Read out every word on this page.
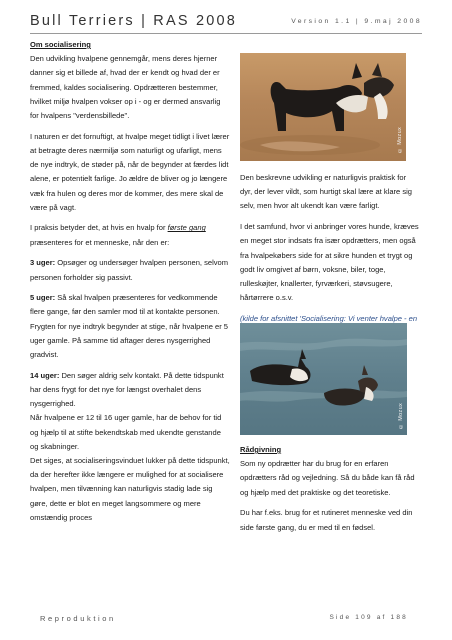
Bull Terriers | RAS 2008	Version 1.1 | 9.maj 2008

Om socialisering

Den udvikling hvalpene gennemgår, mens deres hjerner danner sig et billede af, hvad der er kendt og hvad der er fremmed, kaldes socialisering. Opdrætteren bestemmer, hvilket miljø hvalpen vokser op i - og er dermed ansvarlig for hvalpens "verdensbillede".

I naturen er det fornuftigt, at hvalpe meget tidligt i livet lærer at betragte deres nærmiljø som naturligt og ufarligt, mens de nye indtryk, de støder på, når de begynder at færdes lidt alene, er potentielt farlige. Jo ældre de bliver og jo længere væk fra hulen og deres mor de kommer, des mere skal de være på vagt.

I praksis betyder det, at hvis en hvalp for første gang præsenteres for et menneske, når den er:

3 uger: Opsøger og undersøger hvalpen personen, selvom personen forholder sig passivt.

5 uger: Så skal hvalpen præsenteres for vedkommende flere gange, før den samler mod til at kontakte personen.

Frygten for nye indtryk begynder at stige, når hvalpene er 5 uger gamle. På samme tid aftager deres nysgerrighed gradvist.

14 uger: Den søger aldrig selv kontakt. På dette tidspunkt har dens frygt for det nye for længst overhalet dens nysgerrighed.

Når hvalpene er 12 til 16 uger gamle, har de behov for tid og hjælp til at stifte bekendtskab med ukendte genstande og skabninger.

Det siges, at socialiseringsvinduet lukker på dette tidspunkt, da der herefter ikke længere er mulighed for at socialisere hvalpen, men tilvænning kan naturligvis stadig lade sig gøre, dette er blot en meget langsommere og mere omstændig proces

© Mozux

Den beskrevne udvikling er naturligvis praktisk for dyr, der lever vildt, som hurtigt skal lære at klare sig selv, men hvor alt ukendt kan være farligt.

I det samfund, hvor vi anbringer vores hunde, kræves en meget stor indsats fra især opdrætters, men også fra hvalpekøbers side for at sikre hunden et trygt og godt liv omgivet af børn, voksne, biler, toge, rulleskøjter, knallerter, fyrværkeri, støvsugere, hårtørrere o.s.v.

(kilde for afsnittet 'Socialisering: Vi venter hvalpe - en

© Mozux

Rådgivning

Som ny opdrætter har du brug for en erfaren opdrætters råd og vejledning. Så du både kan få råd og hjælp med det praktiske og det teoretiske.

Du har f.eks. brug for et rutineret menneske ved din side første gang, du er med til en fødsel.

Reproduktion	Side 109 af 188
